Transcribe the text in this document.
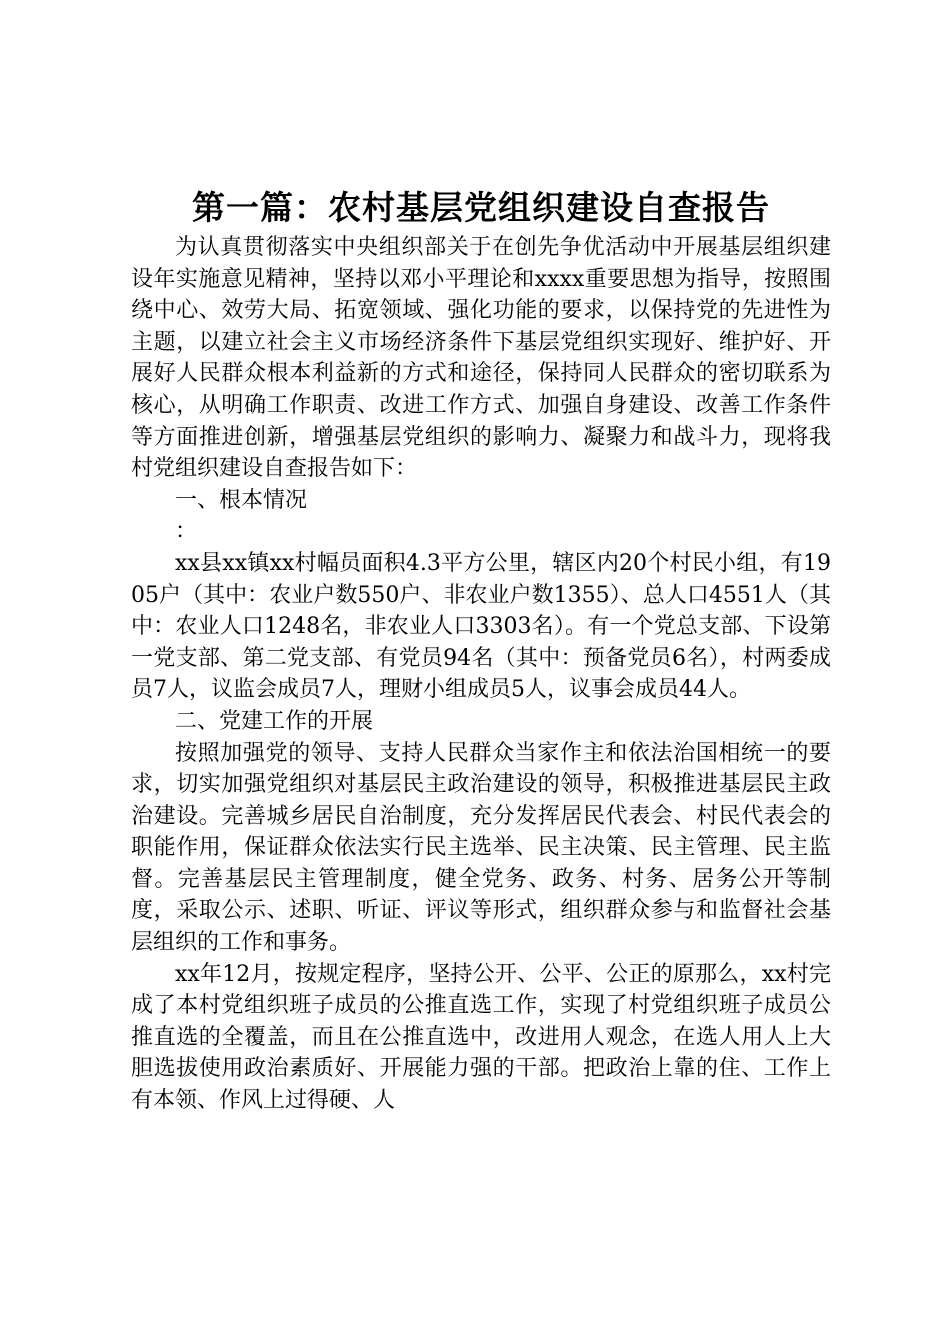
第一篇：农村基层党组织建设自查报告

为认真贯彻落实中央组织部关于在创先争优活动中开展基层组织建设年实施意见精神，坚持以邓小平理论和xxxx重要思想为指导，按照围绕中心、效劳大局、拓宽领域、强化功能的要求，以保持党的先进性为主题，以建立社会主义市场经济条件下基层党组织实现好、维护好、开展好人民群众根本利益新的方式和途径，保持同人民群众的密切联系为核心，从明确工作职责、改进工作方式、加强自身建设、改善工作条件等方面推进创新，增强基层党组织的影响力、凝聚力和战斗力，现将我村党组织建设自查报告如下：

一、根本情况

：

xx县xx镇xx村幅员面积4.3平方公里，辖区内20个村民小组，有1905户（其中：农业户数550户、非农业户数1355）、总人口4551人（其中：农业人口1248名，非农业人口3303名）。有一个党总支部、下设第一党支部、第二党支部、有党员94名（其中：预备党员6名），村两委成员7人，议监会成员7人，理财小组成员5人，议事会成员44人。

二、党建工作的开展

按照加强党的领导、支持人民群众当家作主和依法治国相统一的要求，切实加强党组织对基层民主政治建设的领导，积极推进基层民主政治建设。完善城乡居民自治制度，充分发挥居民代表会、村民代表会的职能作用，保证群众依法实行民主选举、民主决策、民主管理、民主监督。完善基层民主管理制度，健全党务、政务、村务、居务公开等制度，采取公示、述职、听证、评议等形式，组织群众参与和监督社会基层组织的工作和事务。

xx年12月，按规定程序，坚持公开、公平、公正的原那么，xx村完成了本村党组织班子成员的公推直选工作，实现了村党组织班子成员公推直选的全覆盖，而且在公推直选中，改进用人观念，在选人用人上大胆选拔使用政治素质好、开展能力强的干部。把政治上靠的住、工作上有本领、作风上过得硬、人
